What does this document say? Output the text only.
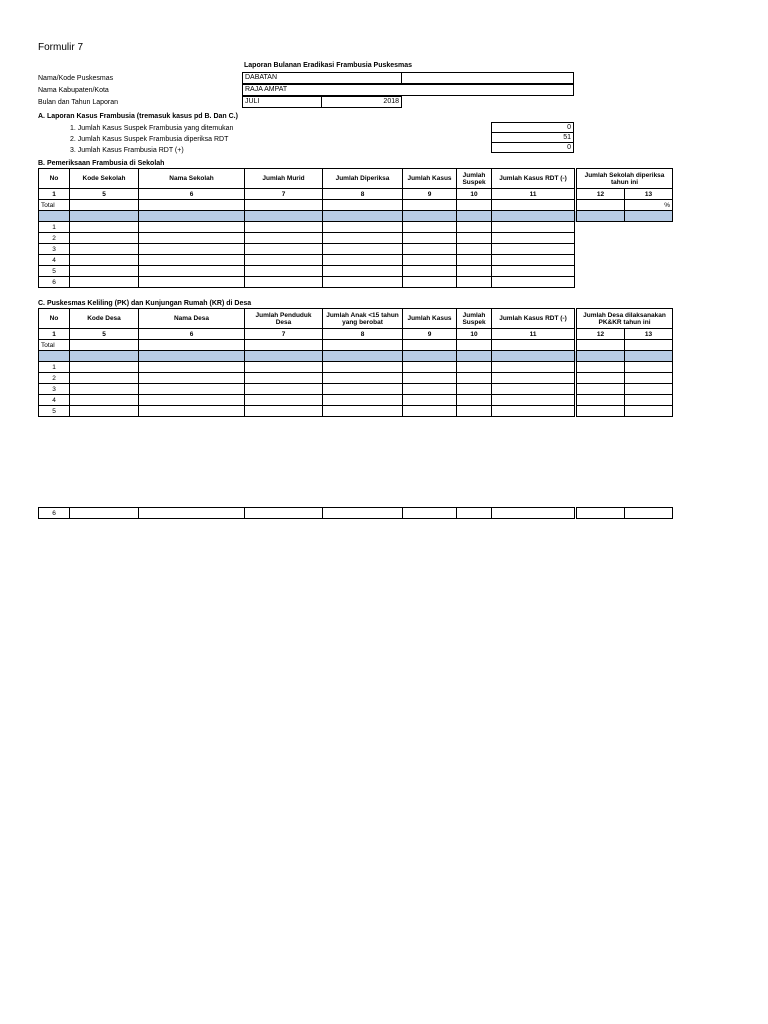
Formulir 7
Laporan Bulanan Eradikasi Frambusia Puskesmas
Nama/Kode Puskesmas	DABATAN
Nama Kabupaten/Kota	RAJA AMPAT
Bulan dan Tahun Laporan	JULI	2018
A. Laporan Kasus Frambusia (tremasuk kasus pd B. Dan C.)
1. Jumlah Kasus Suspek Frambusia yang ditemukan	0
2. Jumlah Kasus Suspek Frambusia diperiksa RDT	51
3. Jumlah Kasus Frambusia RDT (+)	0
B. Pemeriksaan Frambusia di Sekolah
No	Kode Sekolah	Nama Sekolah	Jumlah Murid	Jumlah Diperiksa	Jumlah Kasus	Jumlah Suspek	Jumlah Kasus RDT (-)		Jumlah Sekolah diperiksa tahun ini	
1	5	6	7	8	9	10	11		12	13
Total										%

1										
2										
3										
4										
5										
6										
C. Puskesmas Keliling (PK) dan Kunjungan Rumah (KR) di Desa
No	Kode Desa	Nama Desa	Jumlah Penduduk Desa	Jumlah Anak <15 tahun yang berobat	Jumlah Kasus	Jumlah Suspek	Jumlah Kasus RDT (-)		Jumlah Desa dilaksanakan PK&KR tahun ini	
1	5	6	7	8	9	10	11		12	13
Total										

1										
2										
3										
4										
5										
6										
